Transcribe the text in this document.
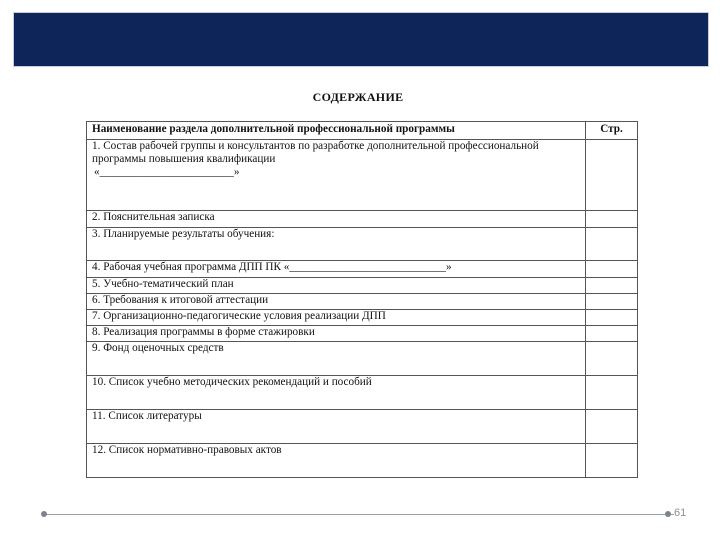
СОДЕРЖАНИЕ
Наименование раздела дополнительной профессиональной программы	Стр.
1. Состав рабочей группы и консультантов по разработке дополнительной профессиональной программы повышения квалификации
«________________________»	
2. Пояснительная записка	
3. Планируемые результаты обучения:	
4. Рабочая учебная программа ДПП ПК «____________________________»	
5. Учебно-тематический план	
6. Требования к итоговой аттестации	
7. Организационно-педагогические условия реализации ДПП	
8. Реализация программы в форме стажировки	
9. Фонд оценочных средств	
10. Список учебно методических рекомендаций и пособий	
11. Список литературы	
12. Список нормативно-правовых актов	
61
